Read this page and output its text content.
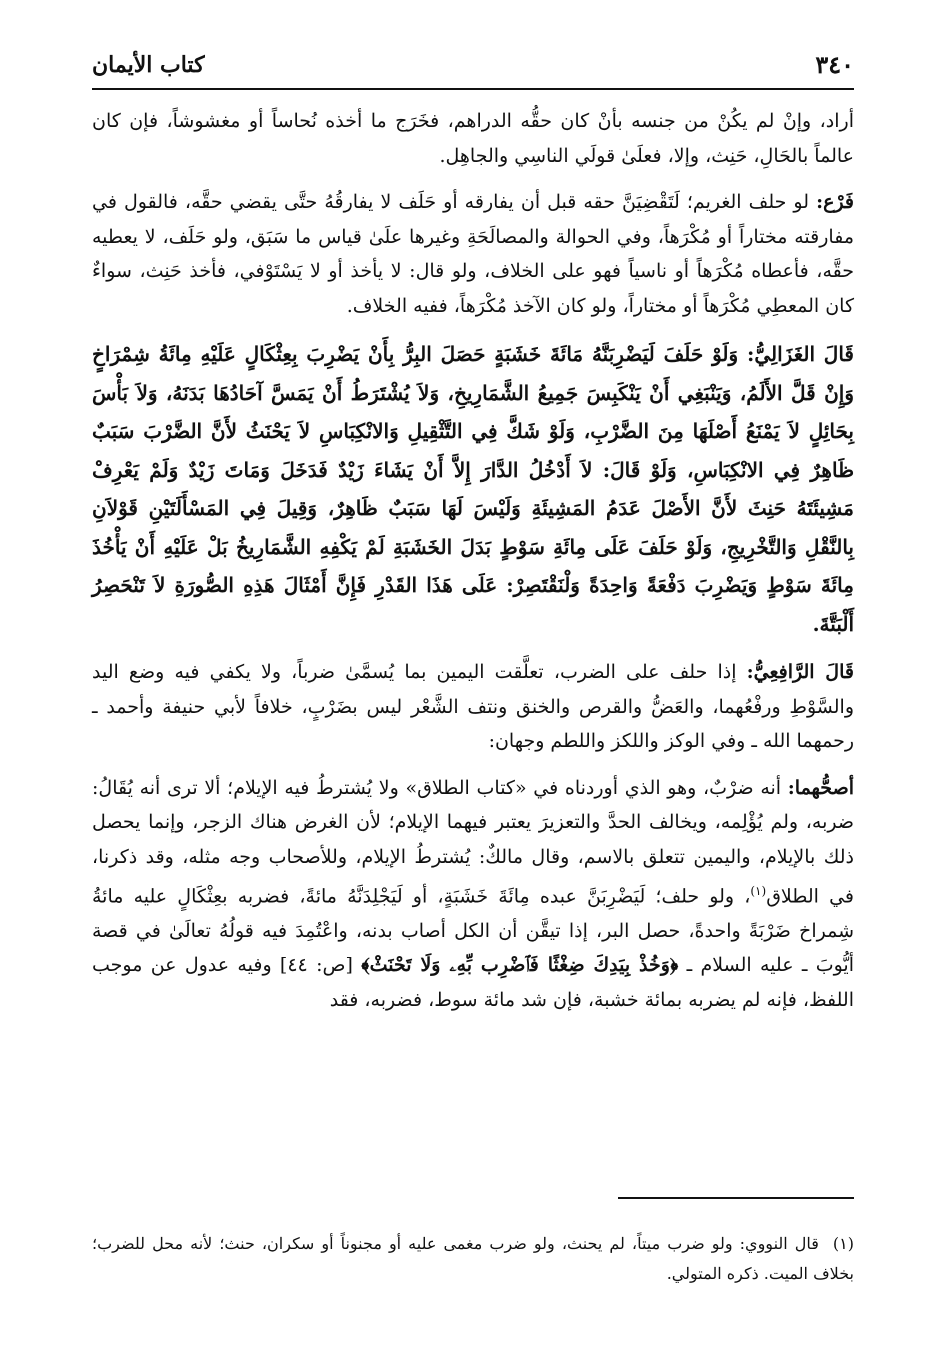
٣٤٠
كتاب الأيمان

أراد، وإنْ لم يكُنْ من جنسه بأنْ كان حقُّه الدراهم، فخَرَج ما أخذه نُحاساً أو مغشوشاً، فإن كان عالماً بالحَالِ، حَنِث، وإلا، فعلَىٰ قولَي الناسِي والجاهِل.

فَرْع: لو حلف الغريم؛ لَتَقْضِيَنَّ حقه قبل أن يفارقه أو حَلَف لا يفارقُهُ حتَّى يقضي حقَّه، فالقول في مفارقته مختاراً أو مُكْرَهاً، وفي الحوالة والمصالَحَةِ وغيرها علَىٰ قياس ما سَبَق، ولو حَلَف، لا يعطيه حقَّه، فأعطاه مُكْرَهاً أو ناسياً فهو على الخلاف، ولو قال: لا يأخذ أو لا يَسْتَوْفي، فأخذ حَنِث، سواءٌ كان المعطِي مُكْرَهاً أو مختاراً، ولو كان الآخذ مُكْرَهاً، ففيه الخلاف.

قَالَ الغَزَالِيُّ: وَلَوْ حَلَفَ لَيَضْرِبَنَّهُ مَائَةَ خَشَبَةٍ حَصَلَ البِرُّ بِأَنْ يَضْرِبَ بِعِثْكَالٍ عَلَيْهِ مِائَةُ شِمْرَاخٍ وَإِنْ قَلَّ الأَلَمُ، وَيَنْبَغِي أَنْ يَنْكَبِسَ جَمِيعُ الشَّمَارِيخِ، وَلاَ يُشْتَرَطُ أَنْ يَمَسَّ آحَادُهَا بَدَنَهُ، وَلاَ بَأْسَ بِحَائِلٍ لاَ يَمْنَعُ أَصْلَهَا مِنَ الضَّرْبِ، وَلَوْ شَكَّ فِي التَّثْقِيلِ وَالانْكِبَاسِ لاَ يَحْنَثُ لأَنَّ الضَّرْبَ سَبَبٌ ظَاهِرٌ فِي الانْكِبَاسِ، وَلَوْ قَالَ: لاَ أَدْخُلُ الدَّارَ إِلاَّ أَنْ يَشَاءَ زَيْدٌ فَدَخَلَ وَمَاتَ زَيْدٌ وَلَمْ يَعْرِفْ مَشِيئَتَهُ حَنِثَ لأَنَّ الأَصْلَ عَدَمُ المَشِيئَةِ وَلَيْسَ لَهَا سَبَبٌ ظَاهِرٌ، وَقِيلَ فِي المَسْأَلَتَيْنِ قَوْلاَنِ بِالنَّقْلِ وَالتَّخْرِيجِ، وَلَوْ حَلَفَ عَلَى مِائَةِ سَوْطٍ بَدَلَ الخَشَبَةِ لَمْ يَكْفِهِ الشَّمَارِيخُ بَلْ عَلَيْهِ أَنْ يَأْخُذَ مِائَةَ سَوْطٍ وَيَضْرِبَ دَفْعَةً وَاحِدَةً وَلْنَقْتَصِرْ: عَلَى هَذَا القَدْرِ فَإِنَّ أَمْثَالَ هَذِهِ الصُّورَةِ لاَ تَنْحَصِرُ أَلْبَتَّةَ.

قَالَ الرَّافِعِيُّ: إذا حلف على الضرب، تعلَّقت اليمين بما يُسمَّىٰ ضرباً، ولا يكفي فيه وضع اليد والسَّوْطِ ورفْعُهما، والعَضُّ والقرص والخنق ونتف الشَّعْر ليس بضَرْبٍ، خلافاً لأبي حنيفة وأحمد ـ رحمهما الله ـ وفي الوكز واللكز واللطم وجهان:

أصحُّهما: أنه ضرْبٌ، وهو الذي أوردناه في «كتاب الطلاق» ولا يُشترطُ فيه الإيلام؛ ألا ترى أنه يُقَالُ: ضربه، ولم يُؤْلِمه، ويخالف الحدَّ والتعزيرَ يعتبر فيهما الإيلام؛ لأن الغرض هناك الزجر، وإنما يحصل ذلك بالإيلام، واليمين تتعلق بالاسم، وقال مالكٌ: يُشترطُ الإيلام، وللأصحاب وجه مثله، وقد ذكرنا، في الطلاق$^{(١)}$، ولو حلف؛ لَيَضْرِبَنَّ عبده مِائَةَ خَشَبَةٍ، أو لَيَجْلِدَنَّهُ مائةً، فضربه بعِثْكَالٍ عليه مائةُ شِمراخ ضَرْبَةً واحدةً، حصل البر، إذا تيقَّن أن الكل أصاب بدنه، واعْتُمِدَ فيه قولُهُ تعالَىٰ في قصة أيُّوبَ ـ عليه السلام ـ ﴿وَخُذْ بِيَدِكَ ضِغْثًا فَٱضْرِب بِّهِۦ وَلَا تَحْنَثْ﴾ [ص: ٤٤] وفيه عدول عن موجب اللفظ، فإنه لم يضربه بمائة خشبة، فإن شد مائة سوط، فضربه، فقد

(١)قال النووي: ولو ضرب ميتاً، لم يحنث، ولو ضرب مغمى عليه أو مجنوناً أو سكران، حنث؛ لأنه محل للضرب؛ بخلاف الميت. ذكره المتولي.
